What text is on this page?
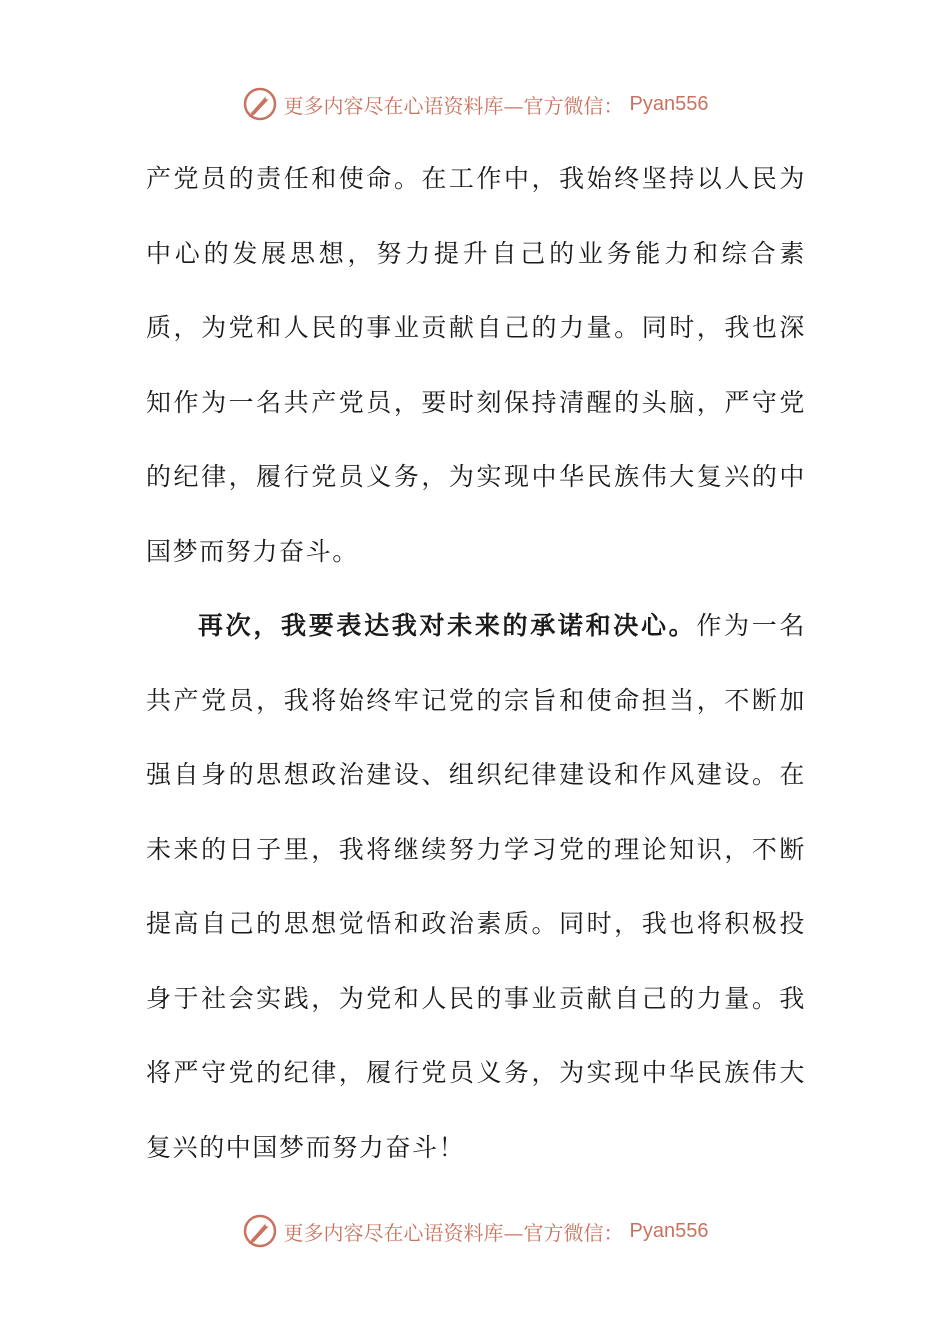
更多内容尽在心语资料库—官方微信： Pyan556

产党员的责任和使命。在工作中，我始终坚持以人民为中心的发展思想，努力提升自己的业务能力和综合素质，为党和人民的事业贡献自己的力量。同时，我也深知作为一名共产党员，要时刻保持清醒的头脑，严守党的纪律，履行党员义务，为实现中华民族伟大复兴的中国梦而努力奋斗。

再次，我要表达我对未来的承诺和决心。作为一名共产党员，我将始终牢记党的宗旨和使命担当，不断加强自身的思想政治建设、组织纪律建设和作风建设。在未来的日子里，我将继续努力学习党的理论知识，不断提高自己的思想觉悟和政治素质。同时，我也将积极投身于社会实践，为党和人民的事业贡献自己的力量。我将严守党的纪律，履行党员义务，为实现中华民族伟大复兴的中国梦而努力奋斗！

更多内容尽在心语资料库—官方微信： Pyan556
